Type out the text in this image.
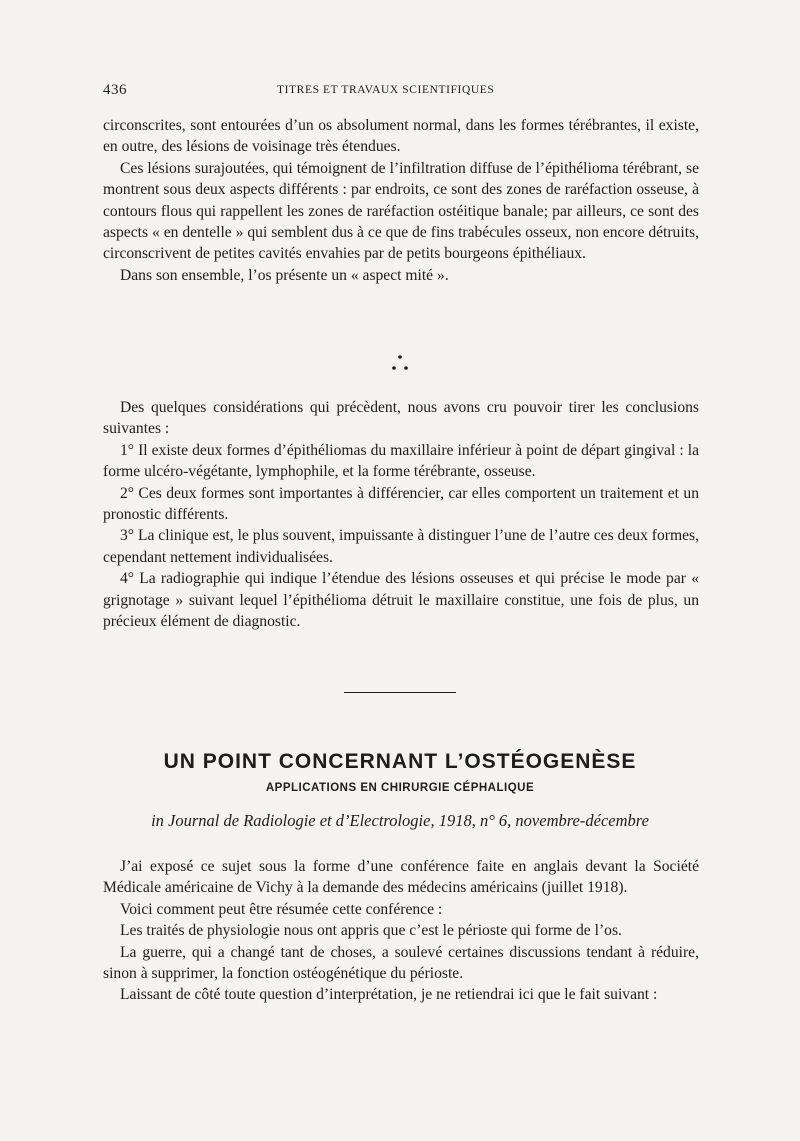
436	TITRES ET TRAVAUX SCIENTIFIQUES

circonscrites, sont entourées d’un os absolument normal, dans les formes térébrantes, il existe, en outre, des lésions de voisinage très étendues.

Ces lésions surajoutées, qui témoignent de l’infiltration diffuse de l’épithélioma térébrant, se montrent sous deux aspects différents : par endroits, ce sont des zones de raréfaction osseuse, à contours flous qui rappellent les zones de raréfaction ostéitique banale; par ailleurs, ce sont des aspects « en dentelle » qui semblent dus à ce que de fins trabécules osseux, non encore détruits, circonscrivent de petites cavités envahies par de petits bourgeons épithéliaux.

Dans son ensemble, l’os présente un « aspect mité ».

Des quelques considérations qui précèdent, nous avons cru pouvoir tirer les conclusions suivantes :

1° Il existe deux formes d’épithéliomas du maxillaire inférieur à point de départ gingival : la forme ulcéro-végétante, lymphophile, et la forme térébrante, osseuse.

2° Ces deux formes sont importantes à différencier, car elles comportent un traitement et un pronostic différents.

3° La clinique est, le plus souvent, impuissante à distinguer l’une de l’autre ces deux formes, cependant nettement individualisées.

4° La radiographie qui indique l’étendue des lésions osseuses et qui précise le mode par « grignotage » suivant lequel l’épithélioma détruit le maxillaire constitue, une fois de plus, un précieux élément de diagnostic.

UN POINT CONCERNANT L’OSTÉOGENÈSE
APPLICATIONS EN CHIRURGIE CÉPHALIQUE
in Journal de Radiologie et d’Electrologie, 1918, n° 6, novembre-décembre

J’ai exposé ce sujet sous la forme d’une conférence faite en anglais devant la Société Médicale américaine de Vichy à la demande des médecins américains (juillet 1918).

Voici comment peut être résumée cette conférence :

Les traités de physiologie nous ont appris que c’est le périoste qui forme de l’os.

La guerre, qui a changé tant de choses, a soulevé certaines discussions tendant à réduire, sinon à supprimer, la fonction ostéogénétique du périoste.

Laissant de côté toute question d’interprétation, je ne retiendrai ici que le fait suivant :
